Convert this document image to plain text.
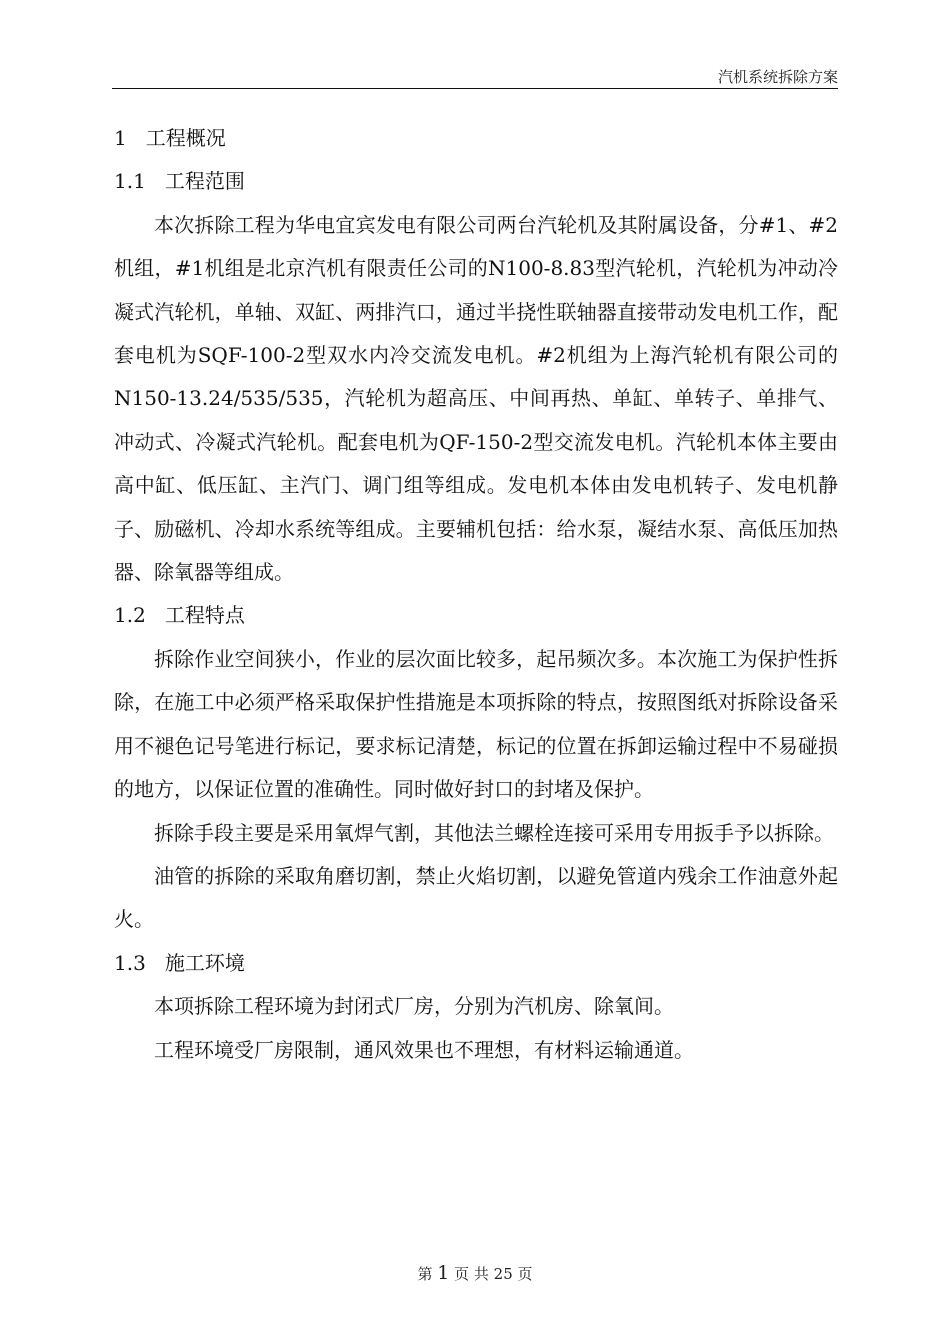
汽机系统拆除方案
1   工程概况
1.1   工程范围

本次拆除工程为华电宜宾发电有限公司两台汽轮机及其附属设备，分#1、#2机组，#1机组是北京汽机有限责任公司的N100-8.83型汽轮机，汽轮机为冲动冷凝式汽轮机，单轴、双缸、两排汽口，通过半挠性联轴器直接带动发电机工作，配套电机为SQF-100-2型双水内冷交流发电机。#2机组为上海汽轮机有限公司的 N150-13.24/535/535，汽轮机为超高压、中间再热、单缸、单转子、单排气、冲动式、冷凝式汽轮机。配套电机为QF-150-2型交流发电机。汽轮机本体主要由高中缸、低压缸、主汽门、调门组等组成。发电机本体由发电机转子、发电机静子、励磁机、冷却水系统等组成。主要辅机包括：给水泵，凝结水泵、高低压加热器、除氧器等组成。

1.2   工程特点

拆除作业空间狭小，作业的层次面比较多，起吊频次多。本次施工为保护性拆除，在施工中必须严格采取保护性措施是本项拆除的特点，按照图纸对拆除设备采用不褪色记号笔进行标记，要求标记清楚，标记的位置在拆卸运输过程中不易碰损的地方，以保证位置的准确性。同时做好封口的封堵及保护。

拆除手段主要是采用氧焊气割，其他法兰螺栓连接可采用专用扳手予以拆除。

油管的拆除的采取角磨切割，禁止火焰切割，以避免管道内残余工作油意外起火。

1.3   施工环境

本项拆除工程环境为封闭式厂房，分别为汽机房、除氧间。

工程环境受厂房限制，通风效果也不理想，有材料运输通道。

第 1 页 共 25 页
